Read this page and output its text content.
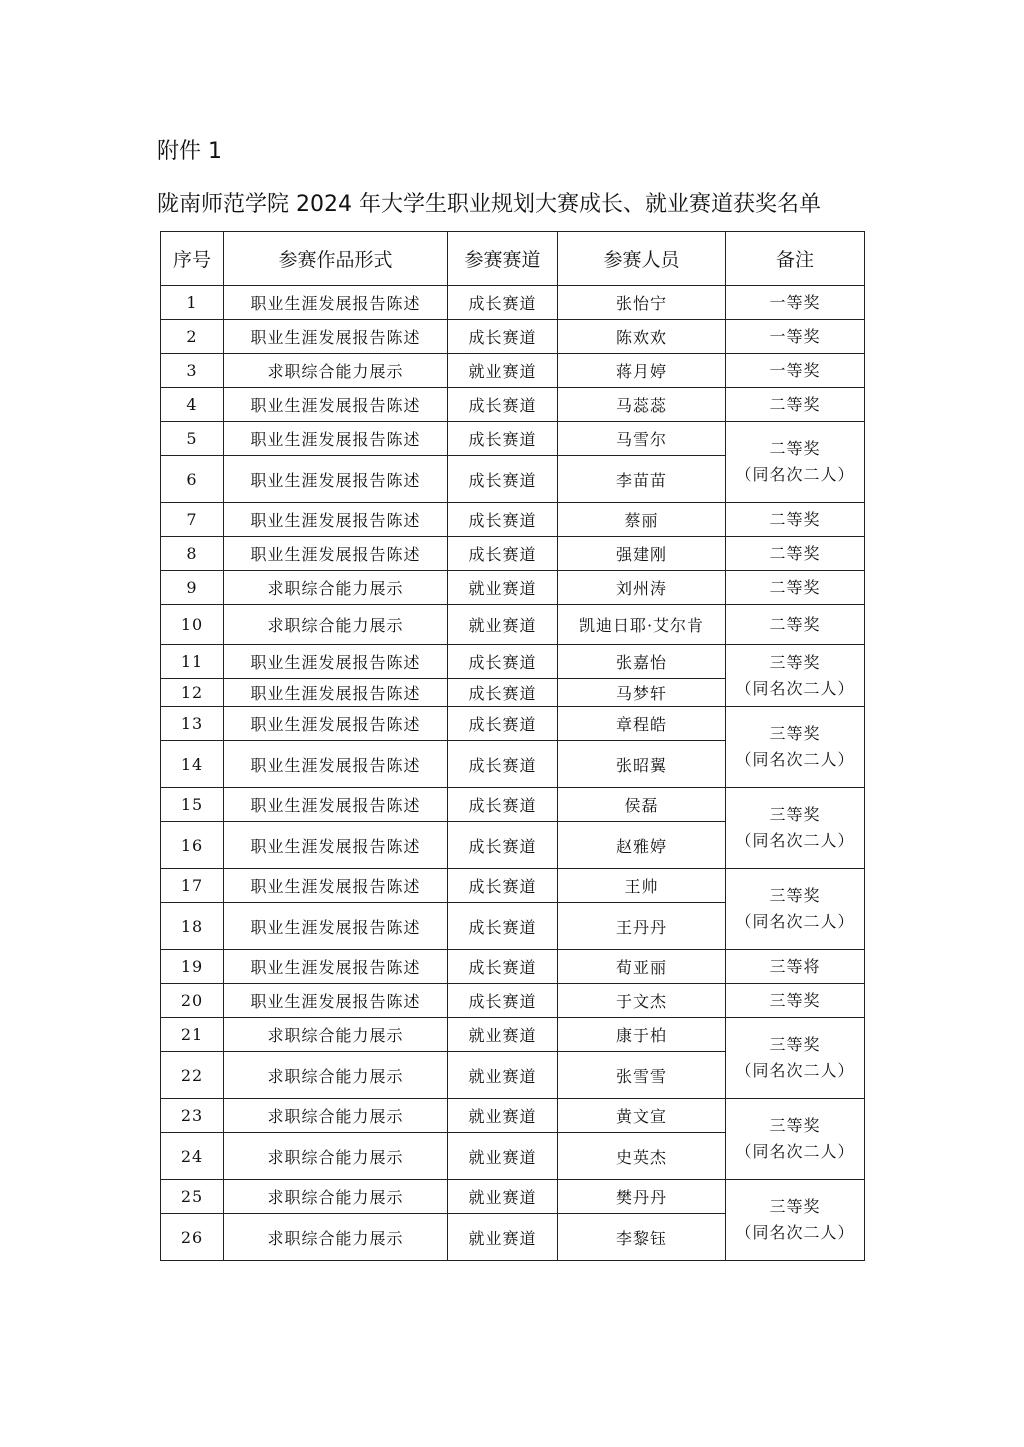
附件 1
陇南师范学院 2024 年大学生职业规划大赛成长、就业赛道获奖名单
序号	参赛作品形式	参赛赛道	参赛人员	备注
1	职业生涯发展报告陈述	成长赛道	张怡宁	一等奖

2	职业生涯发展报告陈述	成长赛道	陈欢欢	一等奖

3	求职综合能力展示	就业赛道	蒋月婷	一等奖

4	职业生涯发展报告陈述	成长赛道	马蕊蕊	二等奖

5	职业生涯发展报告陈述	成长赛道	马雪尔	二等奖
（同名次二人）

6	职业生涯发展报告陈述	成长赛道	李苗苗	
7	职业生涯发展报告陈述	成长赛道	蔡丽	二等奖

8	职业生涯发展报告陈述	成长赛道	强建刚	二等奖

9	求职综合能力展示	就业赛道	刘州涛	二等奖

10	求职综合能力展示	就业赛道	凯迪日耶·艾尔肯	二等奖

11	职业生涯发展报告陈述	成长赛道	张嘉怡	三等奖
（同名次二人）

12	职业生涯发展报告陈述	成长赛道	马梦轩	
13	职业生涯发展报告陈述	成长赛道	章程皓	三等奖
（同名次二人）

14	职业生涯发展报告陈述	成长赛道	张昭翼	
15	职业生涯发展报告陈述	成长赛道	侯磊	三等奖
（同名次二人）

16	职业生涯发展报告陈述	成长赛道	赵雅婷	
17	职业生涯发展报告陈述	成长赛道	王帅	三等奖
（同名次二人）

18	职业生涯发展报告陈述	成长赛道	王丹丹	
19	职业生涯发展报告陈述	成长赛道	荀亚丽	三等将

20	职业生涯发展报告陈述	成长赛道	于文杰	三等奖

21	求职综合能力展示	就业赛道	康于柏	三等奖
（同名次二人）

22	求职综合能力展示	就业赛道	张雪雪	
23	求职综合能力展示	就业赛道	黄文宣	三等奖
（同名次二人）

24	求职综合能力展示	就业赛道	史英杰	
25	求职综合能力展示	就业赛道	樊丹丹	三等奖
（同名次二人）

26	求职综合能力展示	就业赛道	李黎钰	
